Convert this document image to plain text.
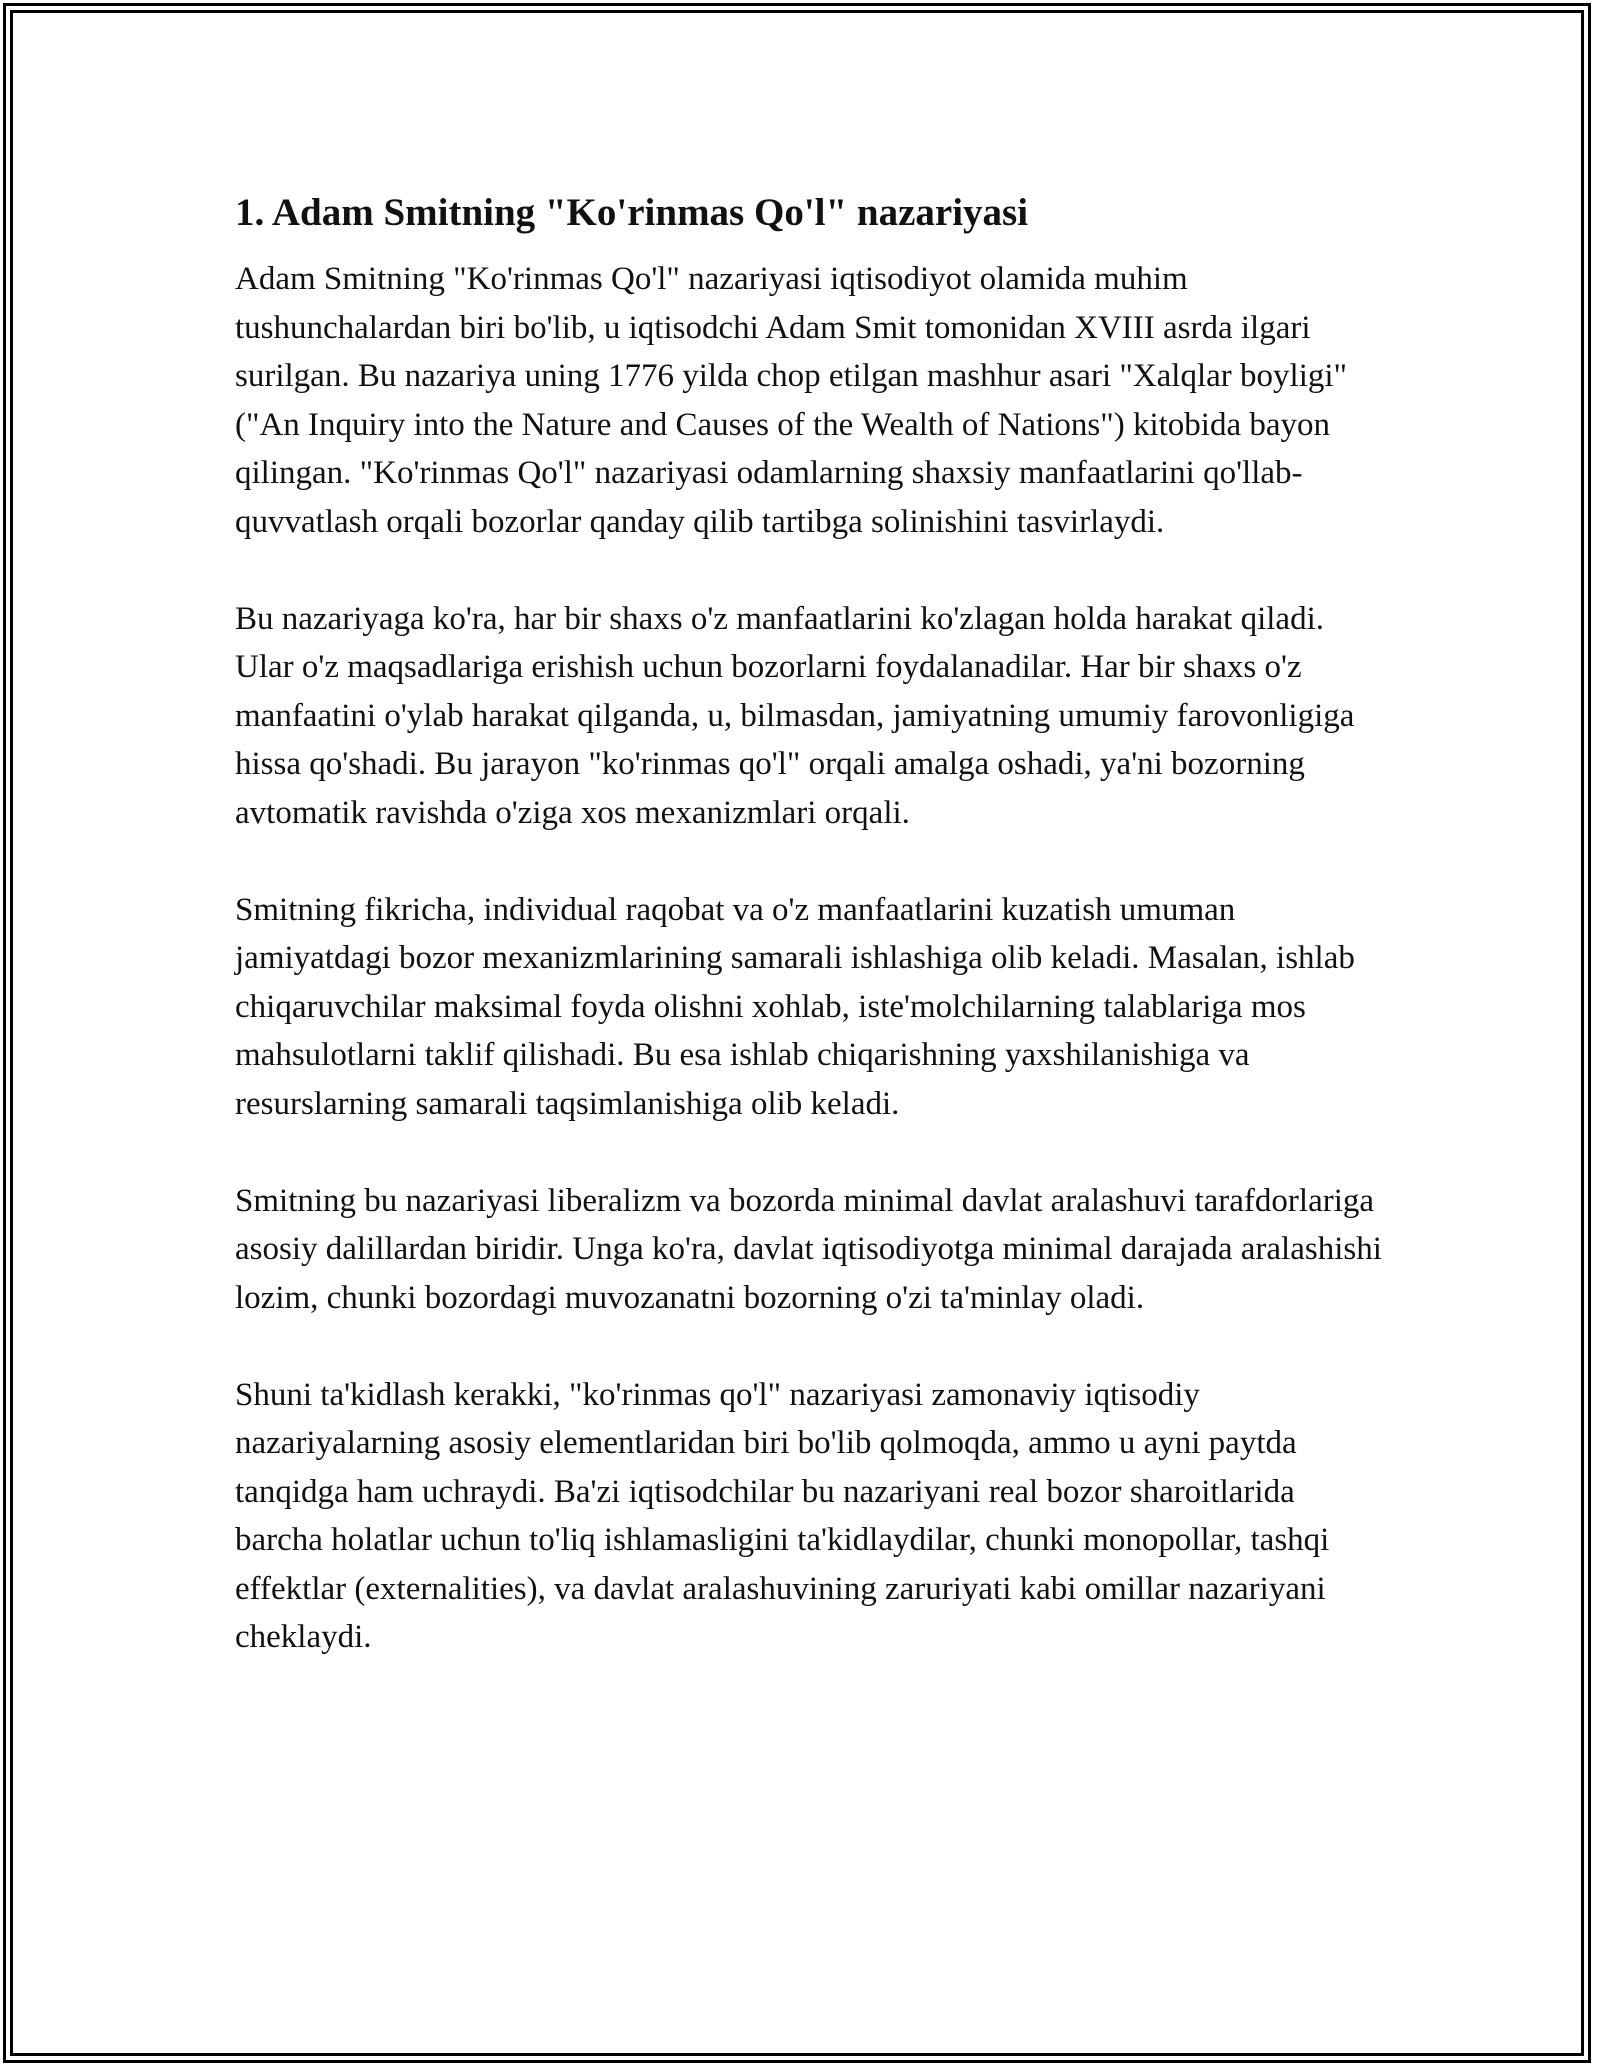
1. Adam Smitning "Ko'rinmas Qo'l" nazariyasi

Adam Smitning "Ko'rinmas Qo'l" nazariyasi iqtisodiyot olamida muhim tushunchalardan biri bo'lib, u iqtisodchi Adam Smit tomonidan XVIII asrda ilgari surilgan. Bu nazariya uning 1776 yilda chop etilgan mashhur asari "Xalqlar boyligi" ("An Inquiry into the Nature and Causes of the Wealth of Nations") kitobida bayon qilingan. "Ko'rinmas Qo'l" nazariyasi odamlarning shaxsiy manfaatlarini qo'llab-quvvatlash orqali bozorlar qanday qilib tartibga solinishini tasvirlaydi.

Bu nazariyaga ko'ra, har bir shaxs o'z manfaatlarini ko'zlagan holda harakat qiladi. Ular o'z maqsadlariga erishish uchun bozorlarni foydalanadilar. Har bir shaxs o'z manfaatini o'ylab harakat qilganda, u, bilmasdan, jamiyatning umumiy farovonligiga hissa qo'shadi. Bu jarayon "ko'rinmas qo'l" orqali amalga oshadi, ya'ni bozorning avtomatik ravishda o'ziga xos mexanizmlari orqali.

Smitning fikricha, individual raqobat va o'z manfaatlarini kuzatish umuman jamiyatdagi bozor mexanizmlarining samarali ishlashiga olib keladi. Masalan, ishlab chiqaruvchilar maksimal foyda olishni xohlab, iste'molchilarning talablariga mos mahsulotlarni taklif qilishadi. Bu esa ishlab chiqarishning yaxshilanishiga va resurslarning samarali taqsimlanishiga olib keladi.

Smitning bu nazariyasi liberalizm va bozorda minimal davlat aralashuvi tarafdorlariga asosiy dalillardan biridir. Unga ko'ra, davlat iqtisodiyotga minimal darajada aralashishi lozim, chunki bozordagi muvozanatni bozorning o'zi ta'minlay oladi.

Shuni ta'kidlash kerakki, "ko'rinmas qo'l" nazariyasi zamonaviy iqtisodiy nazariyalarning asosiy elementlaridan biri bo'lib qolmoqda, ammo u ayni paytda tanqidga ham uchraydi. Ba'zi iqtisodchilar bu nazariyani real bozor sharoitlarida barcha holatlar uchun to'liq ishlamasligini ta'kidlaydilar, chunki monopollar, tashqi effektlar (externalities), va davlat aralashuvining zaruriyati kabi omillar nazariyani cheklaydi.
